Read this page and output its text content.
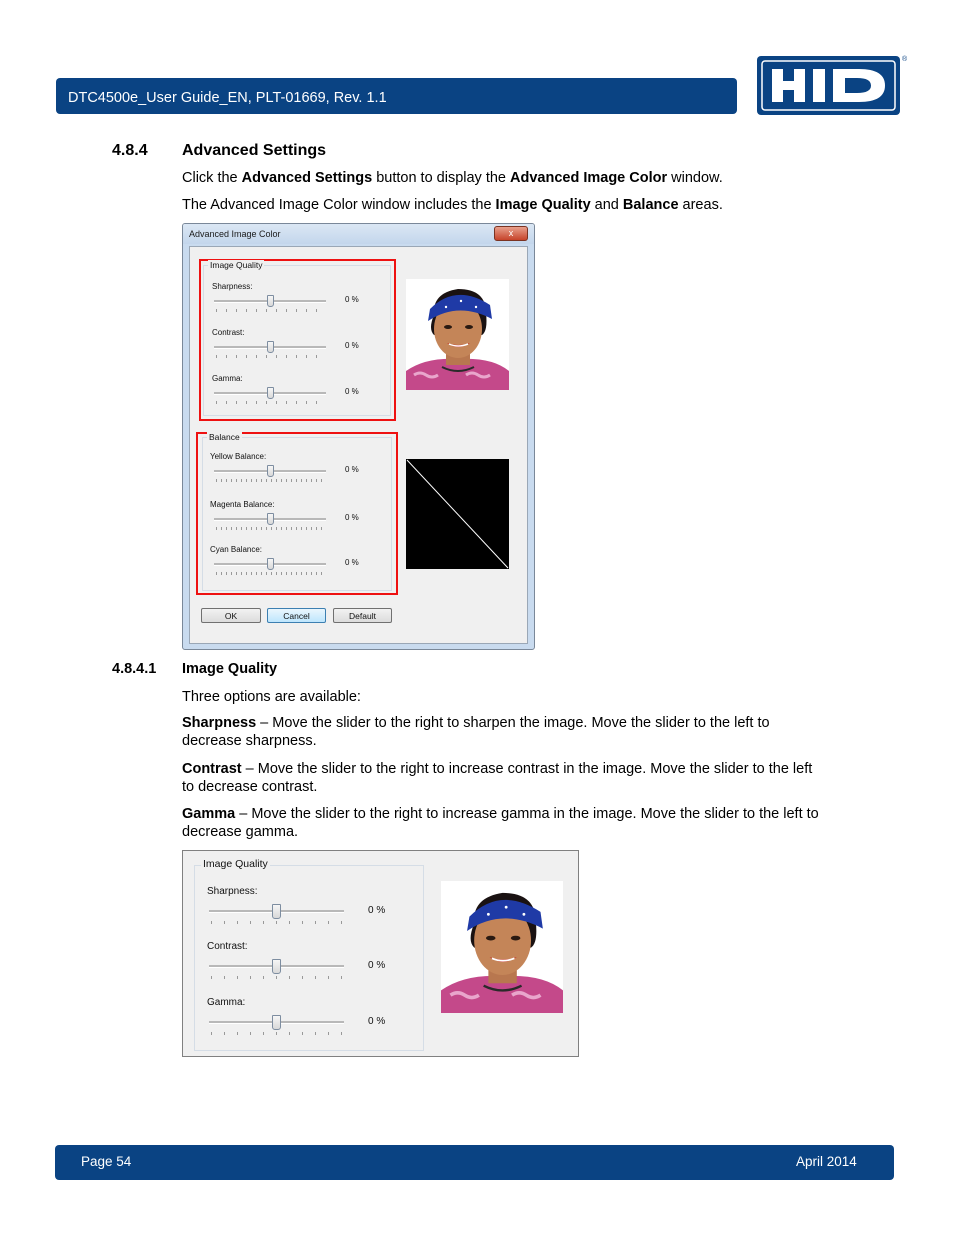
DTC4500e_User Guide_EN, PLT-01669, Rev. 1.1
®
4.8.4 Advanced Settings
Click the Advanced Settings button to display the Advanced Image Color window.
The Advanced Image Color window includes the Image Quality and Balance areas.
Advanced Image Color	x
Image Quality
Balance
OK	Cancel	Default
Sharpness:
0 %
Contrast:
0 %
Gamma:
0 %
Yellow Balance:
0 %
Magenta Balance:
0 %
Cyan Balance:
0 %
4.8.4.1 Image Quality
Three options are available:
Sharpness – Move the slider to the right to sharpen the image. Move the slider to the left to
decrease sharpness.
Contrast – Move the slider to the right to increase contrast in the image. Move the slider to the left
to decrease contrast.
Gamma – Move the slider to the right to increase gamma in the image. Move the slider to the left to
decrease gamma.
Image Quality
Sharpness:
0 %
Contrast:
0 %
Gamma:
0 %
Page 54	April 2014
